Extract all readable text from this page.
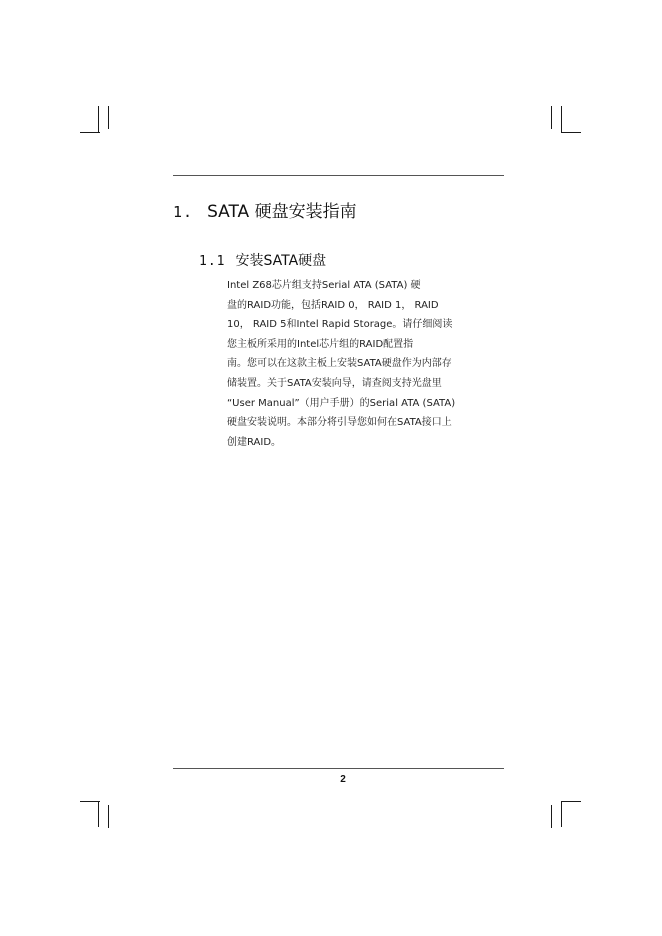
1. SATA 硬盘安装指南
1.1 安装SATA硬盘

Intel Z68芯片组支持Serial ATA (SATA) 硬
盘的RAID功能，包括RAID 0， RAID 1， RAID
10， RAID 5和Intel Rapid Storage。请仔细阅读
您主板所采用的Intel芯片组的RAID配置指
南。您可以在这款主板上安装SATA硬盘作为内部存
储装置。关于SATA安装向导，请查阅支持光盘里
“User Manual”（用户手册）的Serial ATA (SATA)
硬盘安装说明。本部分将引导您如何在SATA接口上
创建RAID。

2
